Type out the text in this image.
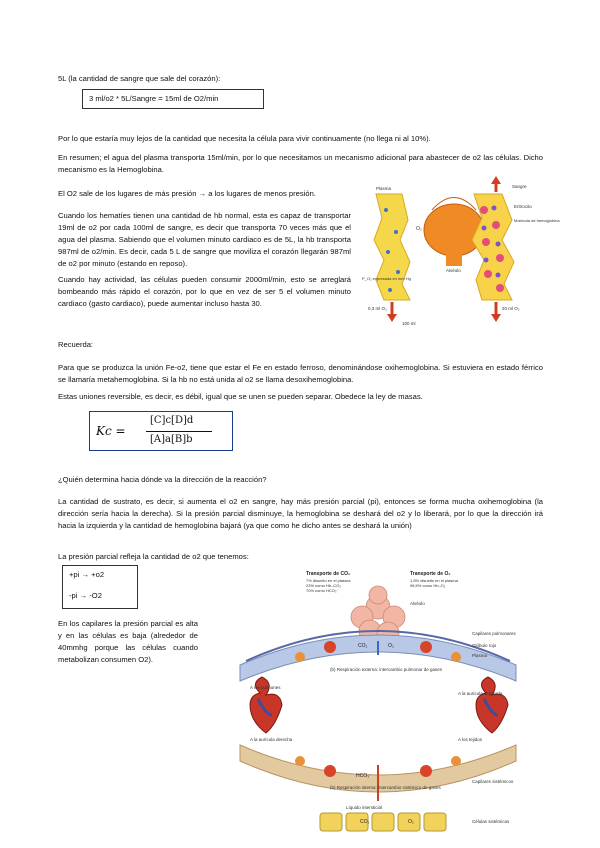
5L (la cantidad de sangre que sale del corazón):

3 ml/o2 * 5L/Sangre = 15ml de O2/min

Por lo que estaría muy lejos de la cantidad que necesita la célula para vivir continuamente (no llega ni al 10%).

En resumen; el agua del plasma transporta 15ml/min, por lo que necesitamos un mecanismo adicional para abastecer de o2 las células. Dicho mecanismo es la Hemoglobina.

El O2 sale de los lugares de más presión → a los lugares de menos presión.

Cuando los hematíes tienen una cantidad de hb normal, esta es capaz de transportar 19ml de o2 por cada 100ml de sangre, es decir que transporta 70 veces más que el agua del plasma. Sabiendo que el volumen minuto cardiaco es de 5L, la hb transporta 987ml de o2/min. Es decir, cada 5 L de sangre que moviliza el corazón llegarán 987ml de o2 por minuto (estando en reposo).

Cuando hay actividad, las células pueden consumir 2000ml/min, esto se arreglará bombeando más rápido el corazón, por lo que en vez de ser 5 el volumen minuto cardiaco (gasto cardiaco), puede aumentar incluso hasta 30.

Recuerda:

Para que se produzca la unión Fe-o2, tiene que estar el Fe en estado ferroso, denominándose oxihemoglobina. Si estuviera en estado férrico se llamaría metahemoglobina. Si la hb no está unida al o2 se llama desoxihemoglobina.

Estas uniones reversible, es decir, es débil, igual que se unen se pueden separar. Obedece la ley de masas.

Kc =
[C]c[D]d
[A]a[B]b

¿Quién determina hacia dónde va la dirección de la reacción?

La cantidad de sustrato, es decir, si aumenta el o2 en sangre, hay más presión parcial (pi), entonces se forma mucha oxihemoglobina (la dirección sería hacia la derecha). Si la presión parcial disminuye, la hemoglobina se deshará del o2 y lo liberará, por lo que la dirección irá hacia la izquierda y la cantidad de hemoglobina bajará (ya que como he dicho antes se deshará la unión)

La presión parcial refleja la cantidad de o2 que tenemos:

+pi → +o2
-pi → -O2

En los capilares la presión parcial es alta y en las células es baja (alrededor de 40mmhg porque las células cuando metabolizan consumen O2).

Plasma	Sangre
Eritrocito
Molécula de hemoglobina
Alvéolo
O₂
P_O₂ expresada en mm Hg
0,3 ml O₂	20 ml O₂
100 ml
Transporte de CO₂
7% disuelto en el plasma
23% como Hb–CO₂
70% como HCO₃⁻
Transporte de O₂
1,5% disuelto en el plasma
98,5% como Hb–O₂
Alvéolo
Capilares pulmonares
Glóbulo rojo
Plasma
(b) Respiración externa: intercambio pulmonar de gases
A la aurícula izquierda
A los pulmones
A la aurícula derecha	A los tejidos
(b) Respiración interna: intercambio sistémico de gases
Capilares sistémicos
Líquido intersticial
Células sistémicas
CO₂	O₂
HCO₃⁻
CO₂	O₂
